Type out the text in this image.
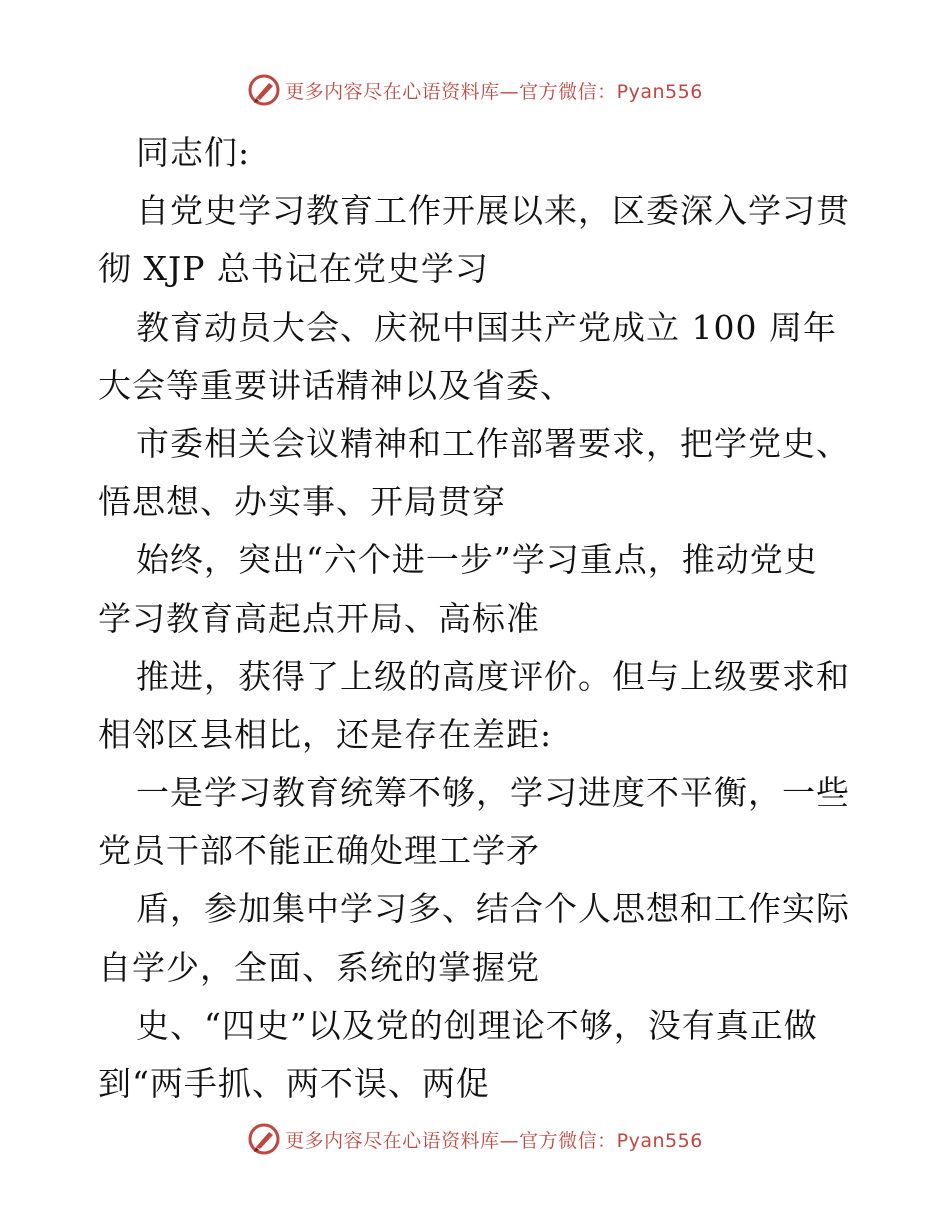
更多内容尽在心语资料库—官方微信：Pyan556
同志们:
自党史学习教育工作开展以来，区委深入学习贯
彻 XJP 总书记在党史学习
教育动员大会、庆祝中国共产党成立 100 周年
大会等重要讲话精神以及省委、
市委相关会议精神和工作部署要求，把学党史、
悟思想、办实事、开局贯穿
始终，突出“六个进一步”学习重点，推动党史
学习教育高起点开局、高标准
推进，获得了上级的高度评价。但与上级要求和
相邻区县相比，还是存在差距:
一是学习教育统筹不够，学习进度不平衡，一些
党员干部不能正确处理工学矛
盾，参加集中学习多、结合个人思想和工作实际
自学少，全面、系统的掌握党
史、“四史”以及党的创理论不够，没有真正做
到“两手抓、两不误、两促
更多内容尽在心语资料库—官方微信：Pyan556
